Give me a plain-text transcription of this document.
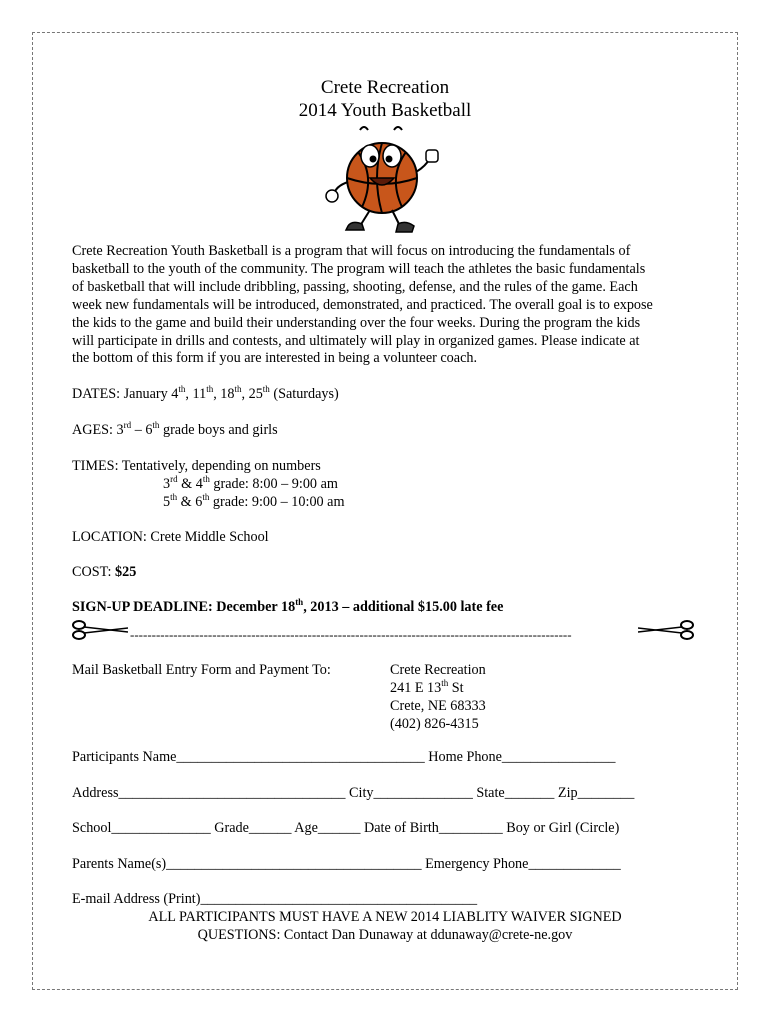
Crete Recreation
2014 Youth Basketball
Crete Recreation Youth Basketball is a program that will focus on introducing the fundamentals of
basketball to the youth of the community. The program will teach the athletes the basic fundamentals
of basketball that will include dribbling, passing, shooting, defense, and the rules of the game. Each
week new fundamentals will be introduced, demonstrated, and practiced. The overall goal is to expose
the kids to the game and build their understanding over the four weeks. During the program the kids
will participate in drills and contests, and ultimately will play in organized games. Please indicate at
the bottom of this form if you are interested in being a volunteer coach.
DATES: January 4th, 11th, 18th, 25th (Saturdays)
AGES: 3rd – 6th grade boys and girls
TIMES: Tentatively, depending on numbers
3rd & 4th grade: 8:00 – 9:00 am
5th & 6th grade: 9:00 – 10:00 am
LOCATION: Crete Middle School
COST: $25
SIGN-UP DEADLINE: December 18th, 2013 – additional $15.00 late fee
------------------------------------------------------------------------------------------------------
Mail Basketball Entry Form and Payment To:	Crete Recreation
241 E 13th St
Crete, NE 68333
(402) 826-4315
Participants Name___________________________________ Home Phone________________
Address________________________________ City______________ State_______ Zip________
School______________ Grade______ Age______ Date of Birth_________ Boy or Girl (Circle)
Parents Name(s)____________________________________ Emergency Phone_____________
E-mail Address (Print)_______________________________________
ALL PARTICIPANTS MUST HAVE A NEW 2014 LIABLITY WAIVER SIGNED
QUESTIONS: Contact Dan Dunaway at ddunaway@crete-ne.gov
